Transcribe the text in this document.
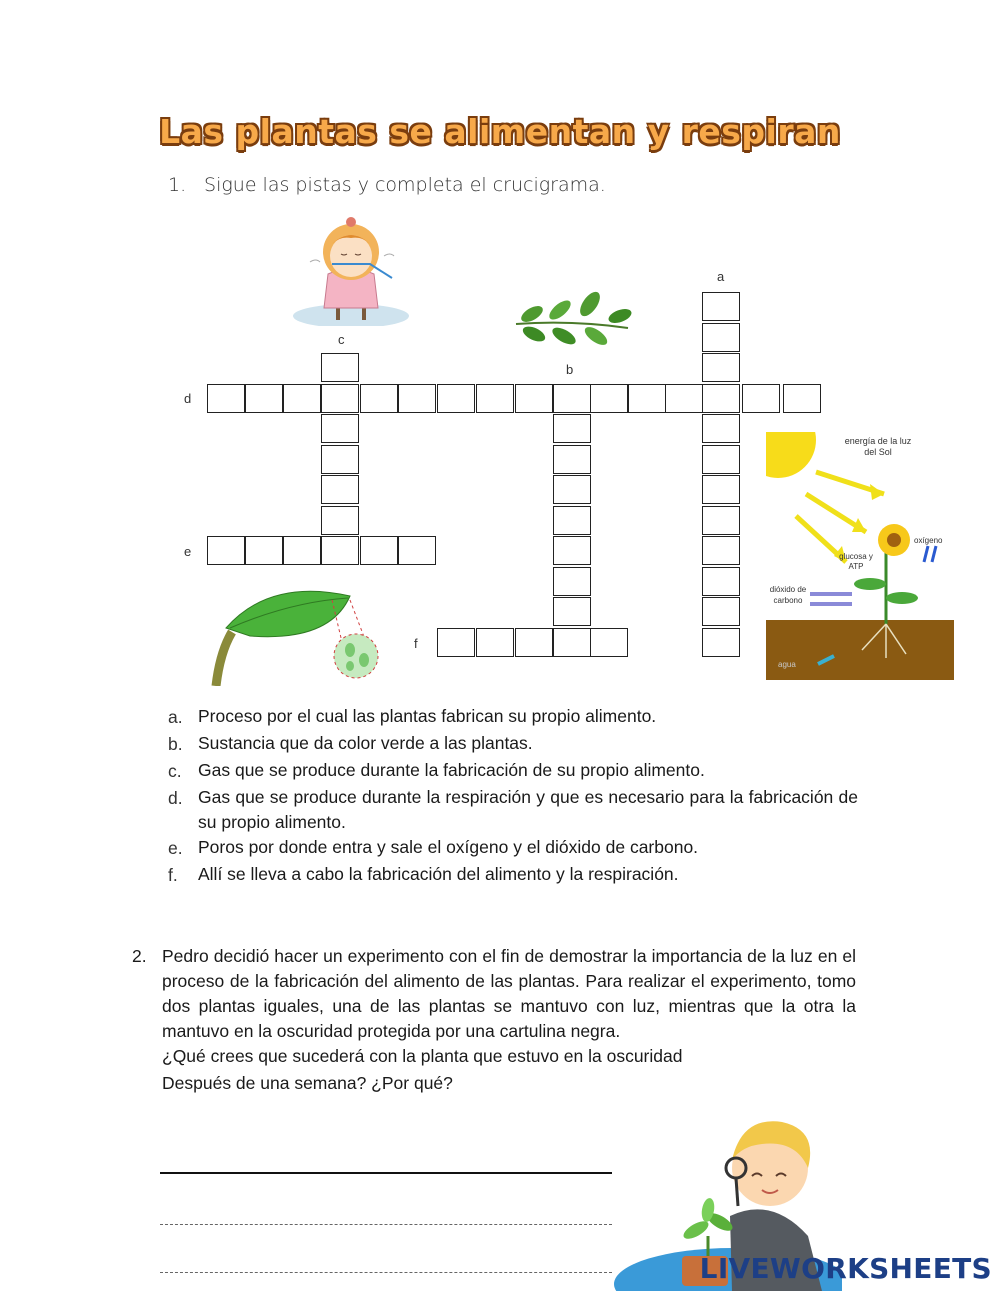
Las plantas se alimentan y respiran
1. Sigue las pistas y completa el crucigrama.
a
c
b
d
e
f
energía de la luz del Sol
oxígeno
glucosa y ATP
dióxido de carbono
agua
a. Proceso por el cual las plantas fabrican su propio alimento.
b. Sustancia que da color verde a las plantas.
c. Gas que se produce durante la fabricación de su propio alimento.
d. Gas que se produce durante la respiración y que es necesario para la fabricación de su propio alimento.
e. Poros por donde entra y sale el oxígeno y el dióxido de carbono.
f.	Allí se lleva a cabo la fabricación del alimento y la respiración.
2. Pedro decidió hacer un experimento con el fin de demostrar la importancia de la luz en el proceso de la fabricación del alimento de las plantas. Para realizar el experimento, tomo dos plantas iguales, una de las plantas se mantuvo con luz, mientras que la otra la mantuvo en la oscuridad protegida por una cartulina negra.
¿Qué crees que sucederá con la planta que estuvo en la oscuridad
Después de una semana? ¿Por qué?
LIVEWORKSHEETS
